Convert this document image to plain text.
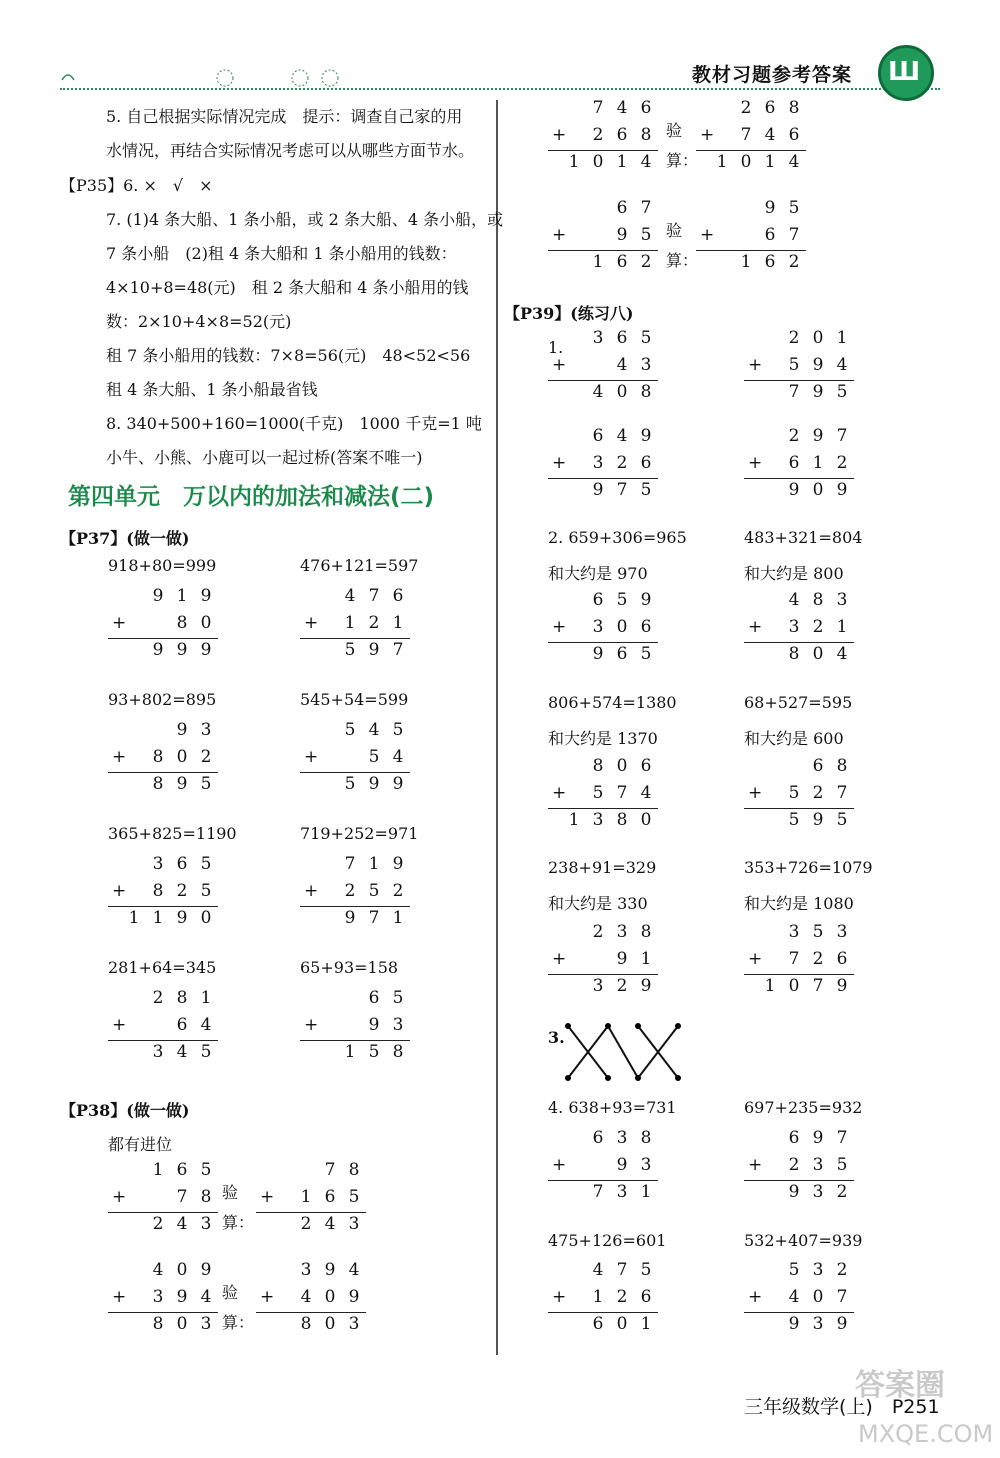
教材习题参考答案 Ш
5. 自己根据实际情况完成　提示：调查自己家的用
水情况，再结合实际情况考虑可以从哪些方面节水。
【P35】6. ×　√　×
7. (1)4 条大船、1 条小船，或 2 条大船、4 条小船，或
7 条小船　(2)租 4 条大船和 1 条小船用的钱数：
4×10+8=48(元)　租 2 条大船和 4 条小船用的钱
数：2×10+4×8=52(元)
租 7 条小船用的钱数：7×8=56(元)　48<52<56
租 4 条大船、1 条小船最省钱
8. 340+500+160=1000(千克)　1000 千克=1 吨
小牛、小熊、小鹿可以一起过桥(答案不唯一)
第四单元　万以内的加法和减法(二)
【P37】(做一做)
918+80=999
9 1 9
+	8 0
9 9 9
476+121=597
4 7 6
+	1 2 1
5 9 7
93+802=895
9 3
+	8 0 2
8 9 5
545+54=599
5 4 5
+	5 4
5 9 9
365+825=1190
3 6 5
+	8 2 5
1 1 9 0
719+252=971
7 1 9
+	2 5 2
9 7 1
281+64=345
2 8 1
+	6 4
3 4 5
65+93=158
6 5
+	9 3
1 5 8
1 6 5
+	7 8
2 4 3
7 8
+	1 6 5
2 4 3
4 0 9
+	3 9 4
8 0 3
3 9 4
+	4 0 9
8 0 3
7 4 6
+	2 6 8
1 0 1 4
2 6 8
+	7 4 6
1 0 1 4
6 7
+	9 5
1 6 2
9 5
+	6 7
1 6 2
3 6 5
+	4 3
4 0 8
2 0 1
+	5 9 4
7 9 5
6 4 9
+	3 2 6
9 7 5
2 9 7
+	6 1 2
9 0 9
6 5 9
+	3 0 6
9 6 5
4 8 3
+	3 2 1
8 0 4
8 0 6
+	5 7 4
1 3 8 0
6 8
+	5 2 7
5 9 5
2 3 8
+	9 1
3 2 9
3 5 3
+	7 2 6
1 0 7 9
6 3 8
+	9 3
7 3 1
6 9 7
+	2 3 5
9 3 2
4 7 5
+	1 2 6
6 0 1
5 3 2
+	4 0 7
9 3 9
验算：
验算：
验算：
验算：
1.
2. 659+306=965	483+321=804
和大约是 970	和大约是 800
806+574=1380	68+527=595
和大约是 1370	和大约是 600
238+91=329	353+726=1079
和大约是 330	和大约是 1080
4. 638+93=731	697+235=932
475+126=601	532+407=939
【P38】(做一做)
都有进位
【P39】(练习八)
3.
三年级数学(上)　P251
答案圈
MXQE.COM
